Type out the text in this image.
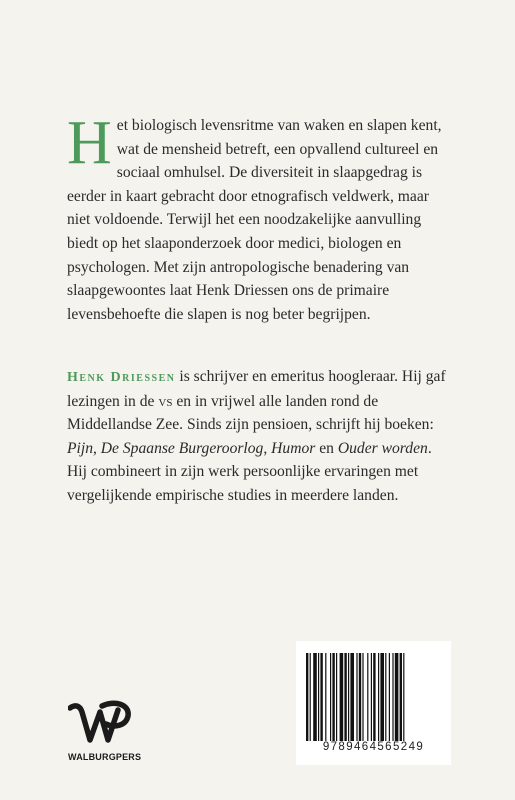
Het biologisch levensritme van waken en slapen kent, wat de mensheid betreft, een opvallend cultureel en sociaal omhulsel. De diversiteit in slaapgedrag is eerder in kaart gebracht door etnografisch veldwerk, maar niet voldoende. Terwijl het een noodzakelijke aanvulling biedt op het slaaponderzoek door medici, biologen en psychologen. Met zijn antropologische benadering van slaapgewoontes laat Henk Driessen ons de primaire levensbehoefte die slapen is nog beter begrijpen.
Henk Driessen is schrijver en emeritus hoogleraar. Hij gaf lezingen in de vs en in vrijwel alle landen rond de Middellandse Zee. Sinds zijn pensioen, schrijft hij boeken: Pijn, De Spaanse Burgeroorlog, Humor en Ouder worden. Hij combineert in zijn werk persoonlijke ervaringen met vergelijkende empirische studies in meerdere landen.
9789464565249
WALBURGPERS
